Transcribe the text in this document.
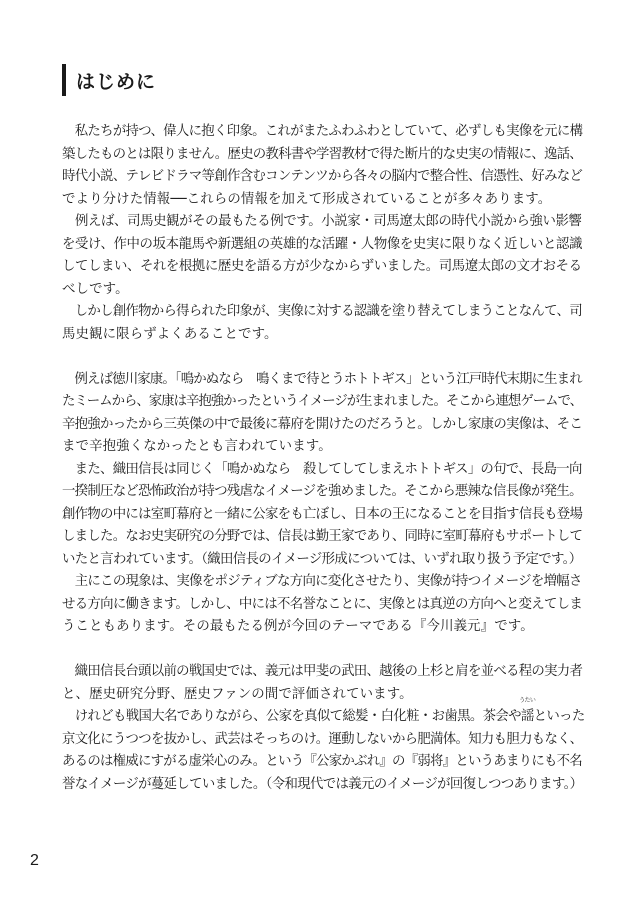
はじめに
　私たちが持つ、偉人に抱く印象。これがまたふわふわとしていて、必ずしも実像を元に構
築したものとは限りません。歴史の教科書や学習教材で得た断片的な史実の情報に、逸話、
時代小説、テレビドラマ等創作含むコンテンツから各々の脳内で整合性、信憑性、好みなど
でより分けた情報──これらの情報を加えて形成されていることが多々あります。
　例えば、司馬史観がその最もたる例です。小説家・司馬遼太郎の時代小説から強い影響
を受け、作中の坂本龍馬や新選組の英雄的な活躍・人物像を史実に限りなく近しいと認識
してしまい、それを根拠に歴史を語る方が少なからずいました。司馬遼太郎の文才おそる
べしです。
　しかし創作物から得られた印象が、実像に対する認識を塗り替えてしまうことなんて、司
馬史観に限らずよくあることです。
　例えば徳川家康。「鳴かぬなら　鳴くまで待とうホトトギス」という江戸時代末期に生まれ
たミームから、家康は辛抱強かったというイメージが生まれました。そこから連想ゲームで、
辛抱強かったから三英傑の中で最後に幕府を開けたのだろうと。しかし家康の実像は、そこ
まで辛抱強くなかったとも言われています。
　また、織田信長は同じく「鳴かぬなら　殺してしてしまえホトトギス」の句で、長島一向
一揆制圧など恐怖政治が持つ残虐なイメージを強めました。そこから悪辣な信長像が発生。
創作物の中には室町幕府と一緒に公家をも亡ぼし、日本の王になることを目指す信長も登場
しました。なお史実研究の分野では、信長は勤王家であり、同時に室町幕府もサポートして
いたと言われています。（織田信長のイメージ形成については、いずれ取り扱う予定です。）
　主にこの現象は、実像をポジティブな方向に変化させたり、実像が持つイメージを増幅さ
せる方向に働きます。しかし、中には不名誉なことに、実像とは真逆の方向へと変えてしま
うこともあります。その最もたる例が今回のテーマである『今川義元』です。
　織田信長台頭以前の戦国史では、義元は甲斐の武田、越後の上杉と肩を並べる程の実力者
と、歴史研究分野、歴史ファンの間で評価されています。
　けれども戦国大名でありながら、公家を真似て総髪・白化粧・お歯黒。茶会や
うたい
謡といった
京文化にうつつを抜かし、武芸はそっちのけ。運動しないから肥満体。知力も胆力もなく、
あるのは権威にすがる虚栄心のみ。という『公家かぶれ』の『弱将』というあまりにも不名
誉なイメージが蔓延していました。（令和現代では義元のイメージが回復しつつあります。）
2
